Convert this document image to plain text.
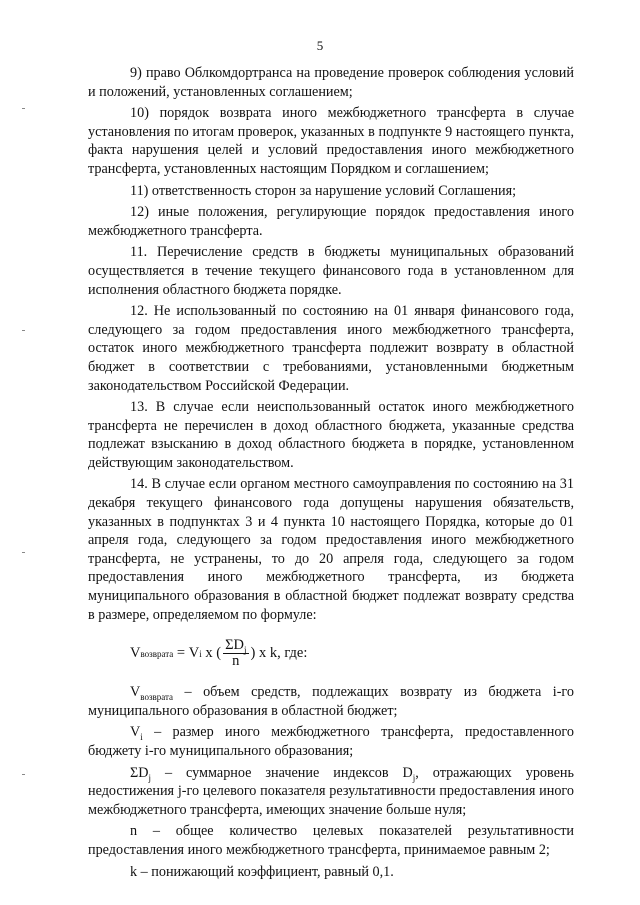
5

9) право Облкомдортранса на проведение проверок соблюдения условий и положений, установленных соглашением;

10) порядок возврата иного межбюджетного трансферта в случае установления по итогам проверок, указанных в подпункте 9 настоящего пункта, факта нарушения целей и условий предоставления иного межбюджетного трансферта, установленных настоящим Порядком и соглашением;

11) ответственность сторон за нарушение условий Соглашения;

12) иные положения, регулирующие порядок предоставления иного межбюджетного трансферта.

11. Перечисление средств в бюджеты муниципальных образований осуществляется в течение текущего финансового года в установленном для исполнения областного бюджета порядке.

12. Не использованный по состоянию на 01 января финансового года, следующего за годом предоставления иного межбюджетного трансферта, остаток иного межбюджетного трансферта подлежит возврату в областной бюджет в соответствии с требованиями, установленными бюджетным законодательством Российской Федерации.

13. В случае если неиспользованный остаток иного межбюджетного трансферта не перечислен в доход областного бюджета, указанные средства подлежат взысканию в доход областного бюджета в порядке, установленном действующим законодательством.

14. В случае если органом местного самоуправления по состоянию на 31 декабря текущего финансового года допущены нарушения обязательств, указанных в подпунктах 3 и 4 пункта 10 настоящего Порядка, которые до 01 апреля года, следующего за годом предоставления иного межбюджетного трансферта, не устранены, то до 20 апреля года, следующего за годом предоставления иного межбюджетного трансферта, из бюджета муниципального образования в областной бюджет подлежат возврату средства в размере, определяемом по формуле:

V возврата = V i x ( $\frac{\Sigma D_j}{n}$ ) x k, где:

$V_{возврата}$ – объем средств, подлежащих возврату из бюджета i-го муниципального образования в областной бюджет;

$V_i$ – размер иного межбюджетного трансферта, предоставленного бюджету i-го муниципального образования;

$\Sigma D_j$ – суммарное значение индексов $D_j$, отражающих уровень недостижения j-го целевого показателя результативности предоставления иного межбюджетного трансферта, имеющих значение больше нуля;

n – общее количество целевых показателей результативности предоставления иного межбюджетного трансферта, принимаемое равным 2;

k – понижающий коэффициент, равный 0,1.
